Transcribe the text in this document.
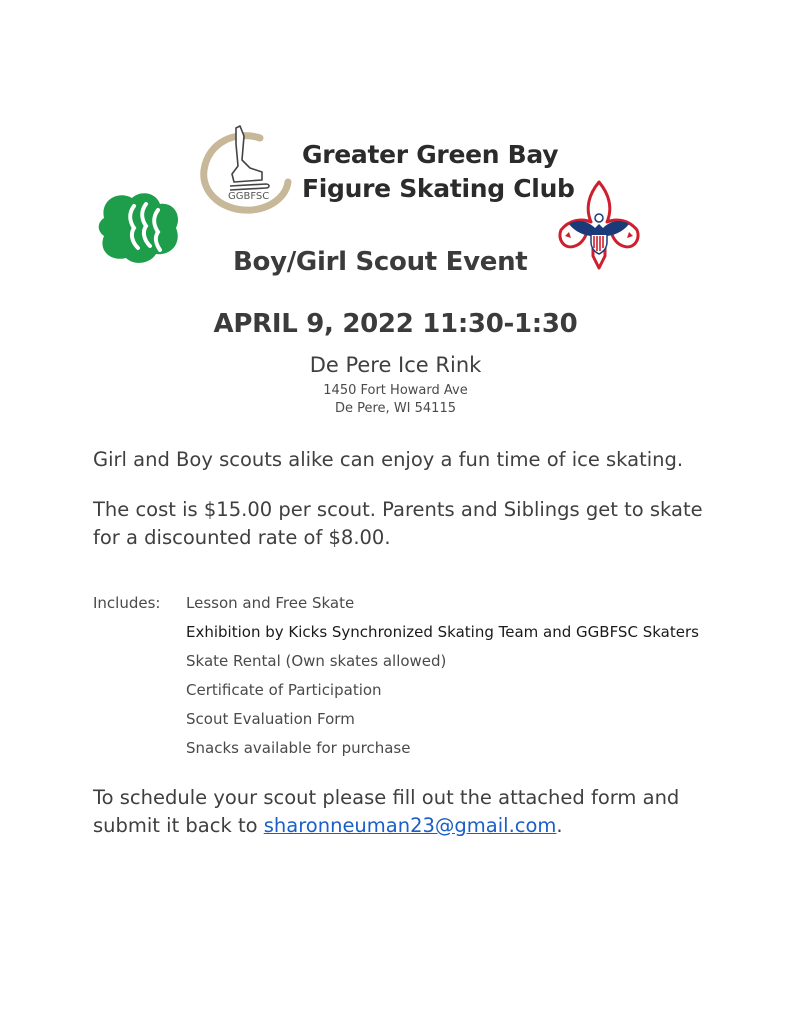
GGBFSC
Greater Green Bay
Figure Skating Club
Boy/Girl Scout Event
APRIL 9, 2022 11:30-1:30
De Pere Ice Rink
1450 Fort Howard Ave
De Pere, WI 54115
Girl and Boy scouts alike can enjoy a fun time of ice skating.
The cost is $15.00 per scout. Parents and Siblings get to skate for a discounted rate of $8.00.
Includes: Lesson and Free Skate
Exhibition by Kicks Synchronized Skating Team and GGBFSC Skaters
Skate Rental (Own skates allowed)
Certificate of Participation
Scout Evaluation Form
Snacks available for purchase
To schedule your scout please fill out the attached form and submit it back to sharonneuman23@gmail.com.
